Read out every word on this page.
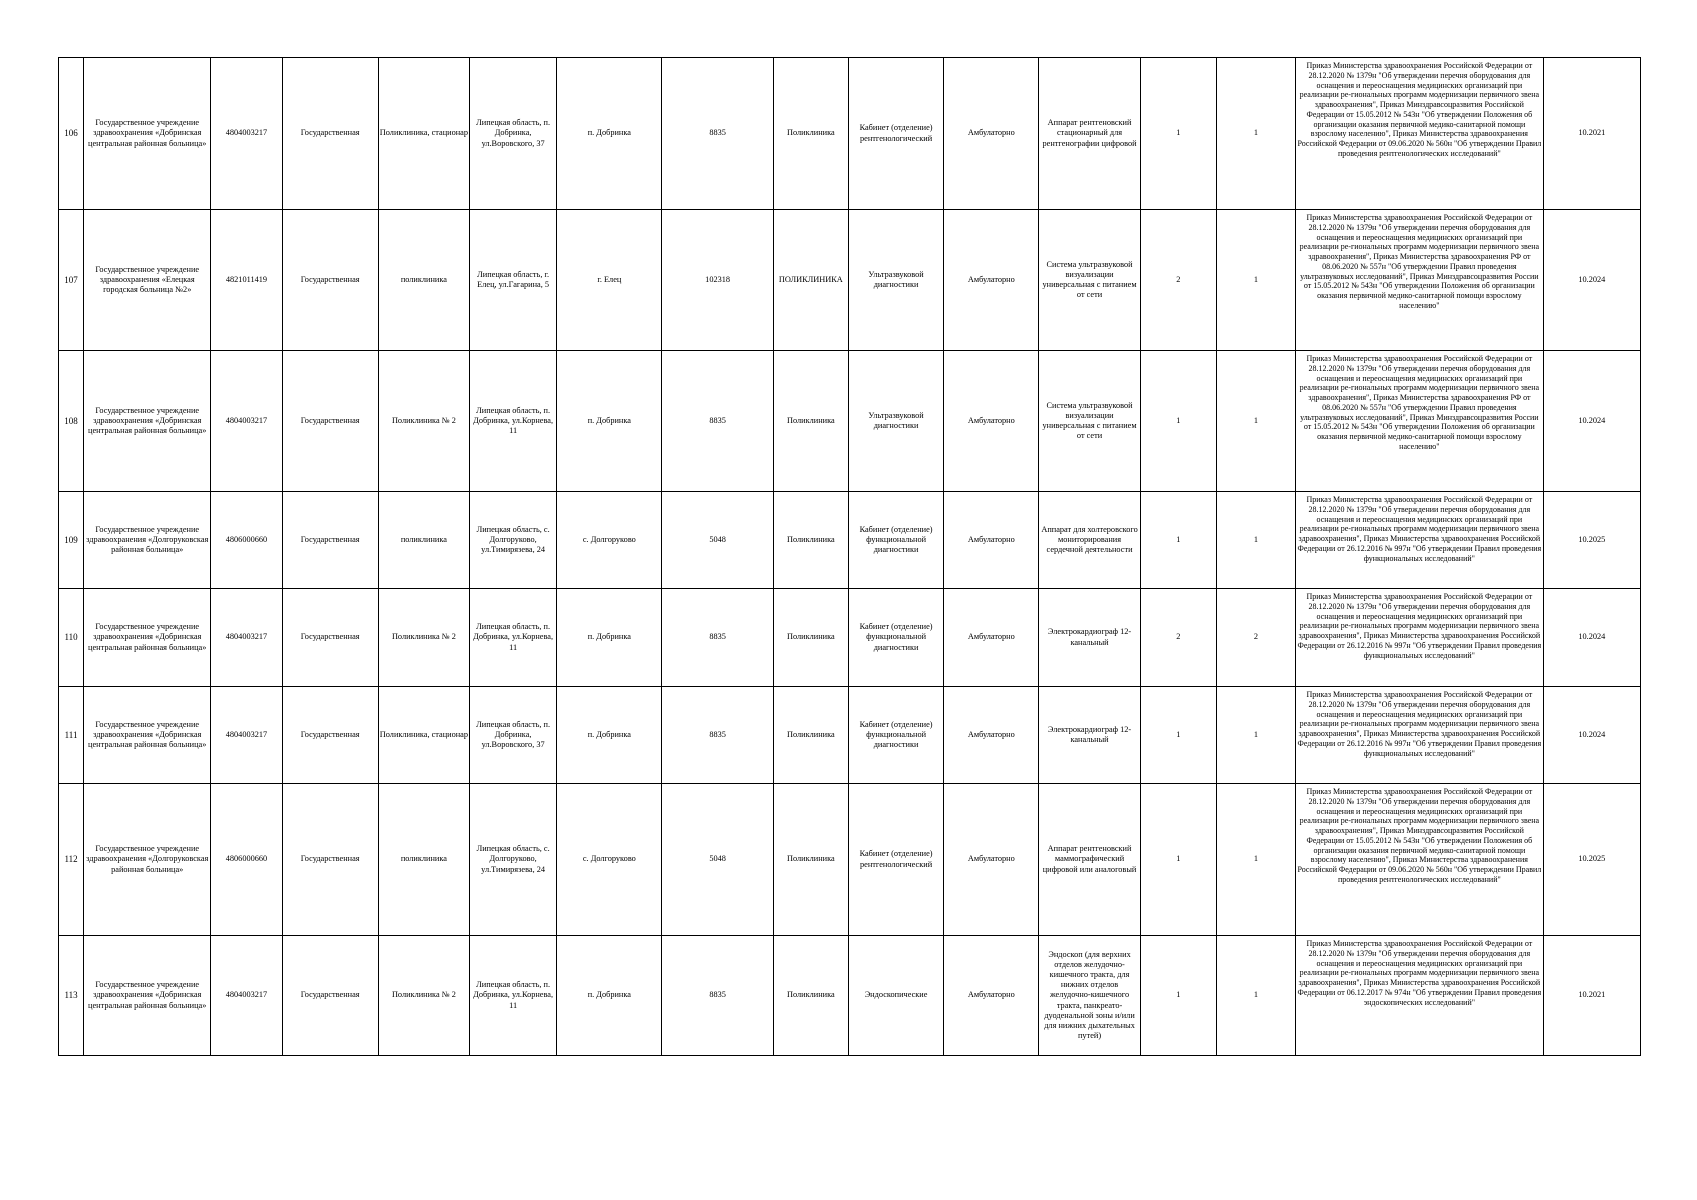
106	Государственное учреждение здравоохранения «Добринская центральная районная больница»	4804003217	Государственная	Поликлиника, стационар	Липецкая область, п. Добринка, ул.Воровского, 37	п. Добринка	8835	Поликлиника	Кабинет (отделение) рентгенологический	Амбулаторно	Аппарат рентгеновский стационарный для рентгенографии цифровой	1	1	Приказ Министерства здравоохранения Российской Федерации от 28.12.2020 № 1379н "Об утверждении перечня оборудования для оснащения и переоснащения медицинских организаций при реализации ре-гиональных программ модернизации первичного звена здравоохранения", Приказ Минздравсоцразвития Российской Федерации от 15.05.2012 № 543н "Об утверждении Положения об организации оказания первичной медико-санитарной помощи взрослому населению", Приказ Министерства здравоохранения Российской Федерации от 09.06.2020 № 560н "Об утверждении Правил проведения рентгенологических исследований"	10.2021
107	Государственное учреждение здравоохранения «Елецкая городская больница №2»	4821011419	Государственная	поликлиника	Липецкая область, г. Елец, ул.Гагарина, 5	г. Елец	102318	ПОЛИКЛИНИКА	Ультразвуковой диагностики	Амбулаторно	Система ультразвуковой визуализации универсальная с питанием от сети	2	1	Приказ Министерства здравоохранения Российской Федерации от 28.12.2020 № 1379н "Об утверждении перечня оборудования для оснащения и переоснащения медицинских организаций при реализации ре-гиональных программ модернизации первичного звена здравоохранения", Приказ Министерства здравоохранения РФ от 08.06.2020 № 557н "Об утверждении Правил проведения ультразвуковых исследований", Приказ Минздравсоцразвития России от 15.05.2012 № 543н "Об утверждении Положения об организации оказания первичной медико-санитарной помощи взрослому населению"	10.2024
108	Государственное учреждение здравоохранения «Добринская центральная районная больница»	4804003217	Государственная	Поликлиника № 2	Липецкая область, п. Добринка, ул.Корнева, 11	п. Добринка	8835	Поликлиника	Ультразвуковой диагностики	Амбулаторно	Система ультразвуковой визуализации универсальная с питанием от сети	1	1	Приказ Министерства здравоохранения Российской Федерации от 28.12.2020 № 1379н "Об утверждении перечня оборудования для оснащения и переоснащения медицинских организаций при реализации ре-гиональных программ модернизации первичного звена здравоохранения", Приказ Министерства здравоохранения РФ от 08.06.2020 № 557н "Об утверждении Правил проведения ультразвуковых исследований", Приказ Минздравсоцразвития России от 15.05.2012 № 543н "Об утверждении Положения об организации оказания первичной медико-санитарной помощи взрослому населению"	10.2024
109	Государственное учреждение здравоохранения «Долгоруковская районная больница»	4806000660	Государственная	поликлиника	Липецкая область, с. Долгоруково, ул.Тимирязева, 24	с. Долгоруково	5048	Поликлиника	Кабинет (отделение) функциональной диагностики	Амбулаторно	Аппарат для холтеровского мониторирования сердечной деятельности	1	1	Приказ Министерства здравоохранения Российской Федерации от 28.12.2020 № 1379н "Об утверждении перечня оборудования для оснащения и переоснащения медицинских организаций при реализации ре-гиональных программ модернизации первичного звена здравоохранения", Приказ Министерства здравоохранения Российской Федерации от 26.12.2016 № 997н "Об утверждении Правил проведения функциональных исследований"	10.2025
110	Государственное учреждение здравоохранения «Добринская центральная районная больница»	4804003217	Государственная	Поликлиника № 2	Липецкая область, п. Добринка, ул.Корнева, 11	п. Добринка	8835	Поликлиника	Кабинет (отделение) функциональной диагностики	Амбулаторно	Электрокардиограф 12-канальный	2	2	Приказ Министерства здравоохранения Российской Федерации от 28.12.2020 № 1379н "Об утверждении перечня оборудования для оснащения и переоснащения медицинских организаций при реализации ре-гиональных программ модернизации первичного звена здравоохранения", Приказ Министерства здравоохранения Российской Федерации от 26.12.2016 № 997н "Об утверждении Правил проведения функциональных исследований"	10.2024
111	Государственное учреждение здравоохранения «Добринская центральная районная больница»	4804003217	Государственная	Поликлиника, стационар	Липецкая область, п. Добринка, ул.Воровского, 37	п. Добринка	8835	Поликлиника	Кабинет (отделение) функциональной диагностики	Амбулаторно	Электрокардиограф 12-канальный	1	1	Приказ Министерства здравоохранения Российской Федерации от 28.12.2020 № 1379н "Об утверждении перечня оборудования для оснащения и переоснащения медицинских организаций при реализации ре-гиональных программ модернизации первичного звена здравоохранения", Приказ Министерства здравоохранения Российской Федерации от 26.12.2016 № 997н "Об утверждении Правил проведения функциональных исследований"	10.2024
112	Государственное учреждение здравоохранения «Долгоруковская районная больница»	4806000660	Государственная	поликлиника	Липецкая область, с. Долгоруково, ул.Тимирязева, 24	с. Долгоруково	5048	Поликлиника	Кабинет (отделение) рентгенологический	Амбулаторно	Аппарат рентгеновский маммографический цифровой или аналоговый	1	1	Приказ Министерства здравоохранения Российской Федерации от 28.12.2020 № 1379н "Об утверждении перечня оборудования для оснащения и переоснащения медицинских организаций при реализации ре-гиональных программ модернизации первичного звена здравоохранения", Приказ Минздравсоцразвития Российской Федерации от 15.05.2012 № 543н "Об утверждении Положения об организации оказания первичной медико-санитарной помощи взрослому населению", Приказ Министерства здравоохранения Российской Федерации от 09.06.2020 № 560н "Об утверждении Правил проведения рентгенологических исследований"	10.2025
113	Государственное учреждение здравоохранения «Добринская центральная районная больница»	4804003217	Государственная	Поликлиника № 2	Липецкая область, п. Добринка, ул.Корнева, 11	п. Добринка	8835	Поликлиника	Эндоскопические	Амбулаторно	Эндоскоп (для верхних отделов желудочно-кишечного тракта, для нижних отделов желудочно-кишечного тракта, панкреато-дуоденальной зоны и/или для нижних дыхательных путей)	1	1	Приказ Министерства здравоохранения Российской Федерации от 28.12.2020 № 1379н "Об утверждении перечня оборудования для оснащения и переоснащения медицинских организаций при реализации ре-гиональных программ модернизации первичного звена здравоохранения", Приказ Министерства здравоохранения Российской Федерации от 06.12.2017 № 974н "Об утверждении Правил проведения эндоскопических исследований"	10.2021
